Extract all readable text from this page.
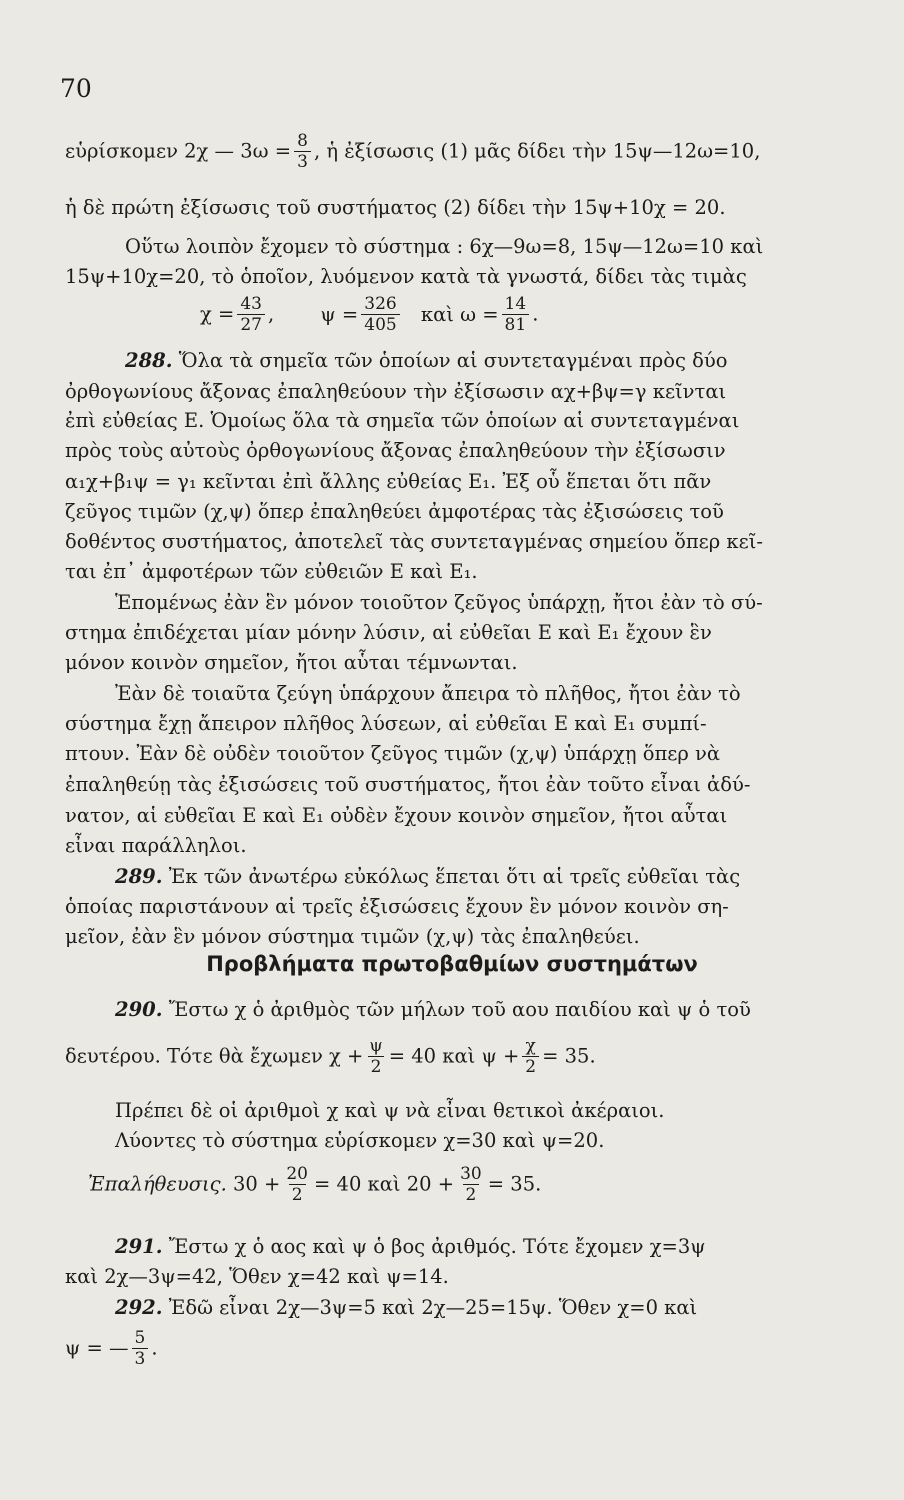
70
εὑρίσκομεν 2χ — $3\omega = \frac{8}{3}$ , ἡ ἐξίσωσις (1) μᾶς δίδει τὴν 15ψ—12ω=10,
ἡ δὲ πρώτη ἐξίσωσις τοῦ συστήματος (2) δίδει τὴν 15ψ+10χ = 20.
Οὕτω λοιπὸν ἔχομεν τὸ σύστημα : 6χ—9ω=8, 15ψ—12ω=10 καὶ
15ψ+10χ=20, τὸ ὁποῖον, λυόμενον κατὰ τὰ γνωστά, δίδει τὰς τιμὰς
$\chi = \frac{43}{27}$ , $\psi = \frac{326}{405}$ καὶ $\omega = \frac{14}{81}$ .
288. Ὅλα τὰ σημεῖα τῶν ὁποίων αἱ συντεταγμέναι πρὸς δύο
ὀρθογωνίους ἄξονας ἐπαληθεύουν τὴν ἐξίσωσιν αχ+βψ=γ κεῖνται
ἐπὶ εὐθείας Ε. Ὁμοίως ὅλα τὰ σημεῖα τῶν ὁποίων αἱ συντεταγμέναι
πρὸς τοὺς αὐτοὺς ὀρθογωνίους ἄξονας ἐπαληθεύουν τὴν ἐξίσωσιν
α₁χ+β₁ψ = γ₁ κεῖνται ἐπὶ ἄλλης εὐθείας Ε₁. Ἐξ οὗ ἕπεται ὅτι πᾶν
ζεῦγος τιμῶν (χ,ψ) ὅπερ ἐπαληθεύει ἀμφοτέρας τὰς ἐξισώσεις τοῦ
δοθέντος συστήματος, ἀποτελεῖ τὰς συντεταγμένας σημείου ὅπερ κεῖ-
ται ἐπ᾽ ἀμφοτέρων τῶν εὐθειῶν Ε καὶ Ε₁.
Ἑπομένως ἐὰν ἓν μόνον τοιοῦτον ζεῦγος ὑπάρχῃ, ἤτοι ἐὰν τὸ σύ-
στημα ἐπιδέχεται μίαν μόνην λύσιν, αἱ εὐθεῖαι Ε καὶ Ε₁ ἔχουν ἓν
μόνον κοινὸν σημεῖον, ἤτοι αὗται τέμνωνται.
Ἐὰν δὲ τοιαῦτα ζεύγη ὑπάρχουν ἄπειρα τὸ πλῆθος, ἤτοι ἐὰν τὸ
σύστημα ἔχῃ ἄπειρον πλῆθος λύσεων, αἱ εὐθεῖαι Ε καὶ Ε₁ συμπί-
πτουν. Ἐὰν δὲ οὐδὲν τοιοῦτον ζεῦγος τιμῶν (χ,ψ) ὑπάρχῃ ὅπερ νὰ
ἐπαληθεύῃ τὰς ἐξισώσεις τοῦ συστήματος, ἤτοι ἐὰν τοῦτο εἶναι ἀδύ-
νατον, αἱ εὐθεῖαι Ε καὶ Ε₁ οὐδὲν ἔχουν κοινὸν σημεῖον, ἤτοι αὗται
εἶναι παράλληλοι.
289. Ἐκ τῶν ἀνωτέρω εὐκόλως ἕπεται ὅτι αἱ τρεῖς εὐθεῖαι τὰς
ὁποίας παριστάνουν αἱ τρεῖς ἐξισώσεις ἔχουν ἓν μόνον κοινὸν ση-
μεῖον, ἐὰν ἓν μόνον σύστημα τιμῶν (χ,ψ) τὰς ἐπαληθεύει.
Προβλήματα πρωτοβαθμίων συστημάτων
290. Ἔστω χ ὁ ἀριθμὸς τῶν μήλων τοῦ αου παιδίου καὶ ψ ὁ τοῦ
δευτέρου. Τότε θὰ ἔχωμεν $\chi + \frac{\psi}{2} = 40$ καὶ $\psi + \frac{\chi}{2} = 35$.
Πρέπει δὲ οἱ ἀριθμοὶ χ καὶ ψ νὰ εἶναι θετικοὶ ἀκέραιοι.
Λύοντες τὸ σύστημα εὑρίσκομεν χ=30 καὶ ψ=20.
Ἐπαλήθευσις. $30 + \frac{20}{2} = 40$ καὶ $20 + \frac{30}{2} = 35$.
291. Ἔστω χ ὁ αος καὶ ψ ὁ βος ἀριθμός. Τότε ἔχομεν χ=3ψ
καὶ 2χ—3ψ=42, Ὅθεν χ=42 καὶ ψ=14.
292. Ἐδῶ εἶναι 2χ—3ψ=5 καὶ 2χ—25=15ψ. Ὅθεν χ=0 καὶ
ψ = — $\frac{5}{3}$ .
